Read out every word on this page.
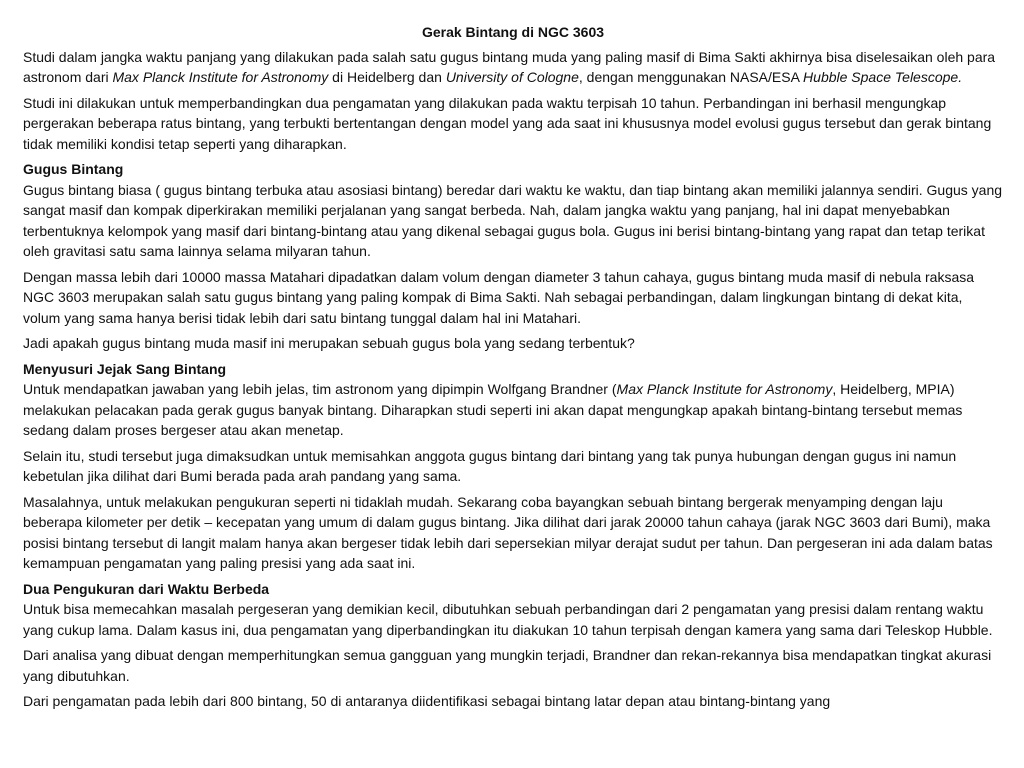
Gerak Bintang di NGC 3603

Studi dalam jangka waktu panjang yang dilakukan pada salah satu gugus bintang muda yang paling masif di Bima Sakti akhirnya bisa diselesaikan oleh para astronom dari Max Planck Institute for Astronomy di Heidelberg dan University of Cologne, dengan menggunakan NASA/ESA Hubble Space Telescope.

Studi ini dilakukan untuk memperbandingkan dua pengamatan yang dilakukan pada waktu terpisah 10 tahun. Perbandingan ini berhasil mengungkap pergerakan beberapa ratus bintang, yang terbukti bertentangan dengan model yang ada saat ini khususnya model evolusi gugus tersebut dan gerak bintang tidak memiliki kondisi tetap seperti yang diharapkan.

Gugus Bintang
Gugus bintang biasa ( gugus bintang terbuka atau asosiasi bintang) beredar dari waktu ke waktu, dan tiap bintang akan memiliki jalannya sendiri. Gugus yang sangat masif dan kompak diperkirakan memiliki perjalanan yang sangat berbeda. Nah, dalam jangka waktu yang panjang, hal ini dapat menyebabkan terbentuknya kelompok yang masif dari bintang-bintang atau yang dikenal sebagai gugus bola. Gugus ini berisi bintang-bintang yang rapat dan tetap terikat oleh gravitasi satu sama lainnya selama milyaran tahun.

Dengan massa lebih dari 10000 massa Matahari dipadatkan dalam volum dengan diameter 3 tahun cahaya, gugus bintang muda masif di nebula raksasa NGC 3603 merupakan salah satu gugus bintang yang paling kompak di Bima Sakti. Nah sebagai perbandingan, dalam lingkungan bintang di dekat kita, volum yang sama hanya berisi tidak lebih dari satu bintang tunggal dalam hal ini Matahari.

Jadi apakah gugus bintang muda masif ini merupakan sebuah gugus bola yang sedang terbentuk?

Menyusuri Jejak Sang Bintang
Untuk mendapatkan jawaban yang lebih jelas, tim astronom yang dipimpin Wolfgang Brandner (Max Planck Institute for Astronomy, Heidelberg, MPIA) melakukan pelacakan pada gerak gugus banyak bintang. Diharapkan studi seperti ini akan dapat mengungkap apakah bintang-bintang tersebut memas sedang dalam proses bergeser atau akan menetap.

Selain itu, studi tersebut juga dimaksudkan untuk memisahkan anggota gugus bintang dari bintang yang tak punya hubungan dengan gugus ini namun kebetulan jika dilihat dari Bumi berada pada arah pandang yang sama.

Masalahnya, untuk melakukan pengukuran seperti ni tidaklah mudah. Sekarang coba bayangkan sebuah bintang bergerak menyamping dengan laju beberapa kilometer per detik – kecepatan yang umum di dalam gugus bintang. Jika dilihat dari jarak 20000 tahun cahaya (jarak NGC 3603 dari Bumi), maka posisi bintang tersebut di langit malam hanya akan bergeser tidak lebih dari sepersekian milyar derajat sudut per tahun. Dan pergeseran ini ada dalam batas kemampuan pengamatan yang paling presisi yang ada saat ini.

Dua Pengukuran dari Waktu Berbeda
Untuk bisa memecahkan masalah pergeseran yang demikian kecil, dibutuhkan sebuah perbandingan dari 2 pengamatan yang presisi dalam rentang waktu yang cukup lama. Dalam kasus ini, dua pengamatan yang diperbandingkan itu diakukan 10 tahun terpisah dengan kamera yang sama dari Teleskop Hubble.

Dari analisa yang dibuat dengan memperhitungkan semua gangguan yang mungkin terjadi, Brandner dan rekan-rekannya bisa mendapatkan tingkat akurasi yang dibutuhkan.

Dari pengamatan pada lebih dari 800 bintang, 50 di antaranya diidentifikasi sebagai bintang latar depan atau bintang-bintang yang
